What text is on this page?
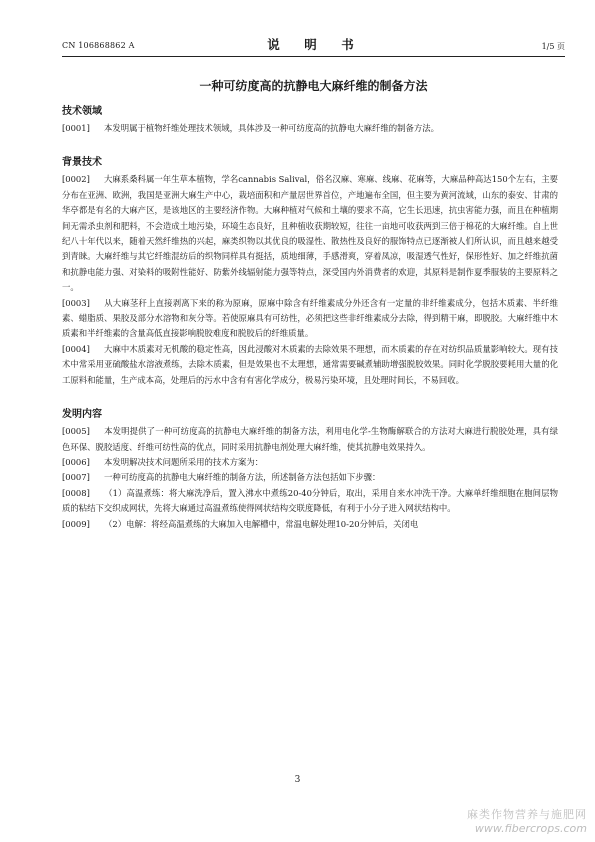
CN 106868862 A	说　明　书	1/5 页
一种可纺度高的抗静电大麻纤维的制备方法
技术领域

[0001] 本发明属于植物纤维处理技术领域，具体涉及一种可纺度高的抗静电大麻纤维的制备方法。

背景技术

[0002] 大麻系桑科属一年生草本植物，学名cannabis Salival，俗名汉麻、寒麻、线麻、花麻等，大麻品种高达150个左右，主要分布在亚洲、欧洲，我国是亚洲大麻生产中心，栽培面积和产量居世界首位，产地遍布全国，但主要为黄河流域，山东的泰安、甘肃的华亭都是有名的大麻产区，是该地区的主要经济作物。大麻种植对气候和土壤的要求不高，它生长迅速，抗虫害能力强，而且在种植期间无需杀虫剂和肥料，不会造成土地污染，环境生态良好，且种植收获期较短，往往一亩地可收获两到三倍于棉花的大麻纤维。自上世纪八十年代以来，随着天然纤维热的兴起，麻类织物以其优良的吸湿性、散热性及良好的服饰特点已逐渐被人们所认识，而且越来越受到青睐。大麻纤维与其它纤维混纺后的织物同样具有挺括，质地细薄，手感滑爽，穿着凤凉，吸湿透气性好，保形性好、加之纤维抗菌和抗静电能力强、对染料的吸附性能好、防紫外线辐射能力强等特点，深受国内外消费者的欢迎，其原料是制作夏季服装的主要原料之一。

[0003] 从大麻茎秆上直接剥离下来的称为原麻，原麻中除含有纤维素成分外还含有一定量的非纤维素成分，包括木质素、半纤维素、蜡脂质、果胶及部分水溶物和灰分等。若使原麻具有可纺性，必须把这些非纤维素成分去除，得到精干麻，即脱胶。大麻纤维中木质素和半纤维素的含量高低直接影响脱胶难度和脱胶后的纤维质量。

[0004] 大麻中木质素对无机酸的稳定性高，因此浸酸对木质素的去除效果不理想，而木质素的存在对纺织品质量影响较大。现有技术中常采用亚硫酸盐水溶液煮练，去除木质素，但是效果也不太理想，通常需要碱煮辅助增强脱胶效果。同时化学脱胶要耗用大量的化工原料和能量，生产成本高，处理后的污水中含有有害化学成分，极易污染环境，且处理时间长，不易回收。

发明内容

[0005] 本发明提供了一种可纺度高的抗静电大麻纤维的制备方法，利用电化学-生物酶解联合的方法对大麻进行脱胶处理，具有绿色环保、脱胶适度、纤维可纺性高的优点，同时采用抗静电剂处理大麻纤维，使其抗静电效果持久。

[0006] 本发明解决技术问题所采用的技术方案为：

[0007] 一种可纺度高的抗静电大麻纤维的制备方法，所述制备方法包括如下步骤：

[0008] （1）高温煮练：将大麻洗净后，置入沸水中煮练20-40分钟后，取出，采用自来水冲洗干净。大麻单纤维细胞在胞间层物质的粘结下交织成网状，先将大麻通过高温煮练使得网状结构交联度降低，有利于小分子进入网状结构中。

[0009] （2）电解：将经高温煮练的大麻加入电解槽中，常温电解处理10-20分钟后，关闭电

3
麻类作物营养与施肥网
www.fibercrops.com
